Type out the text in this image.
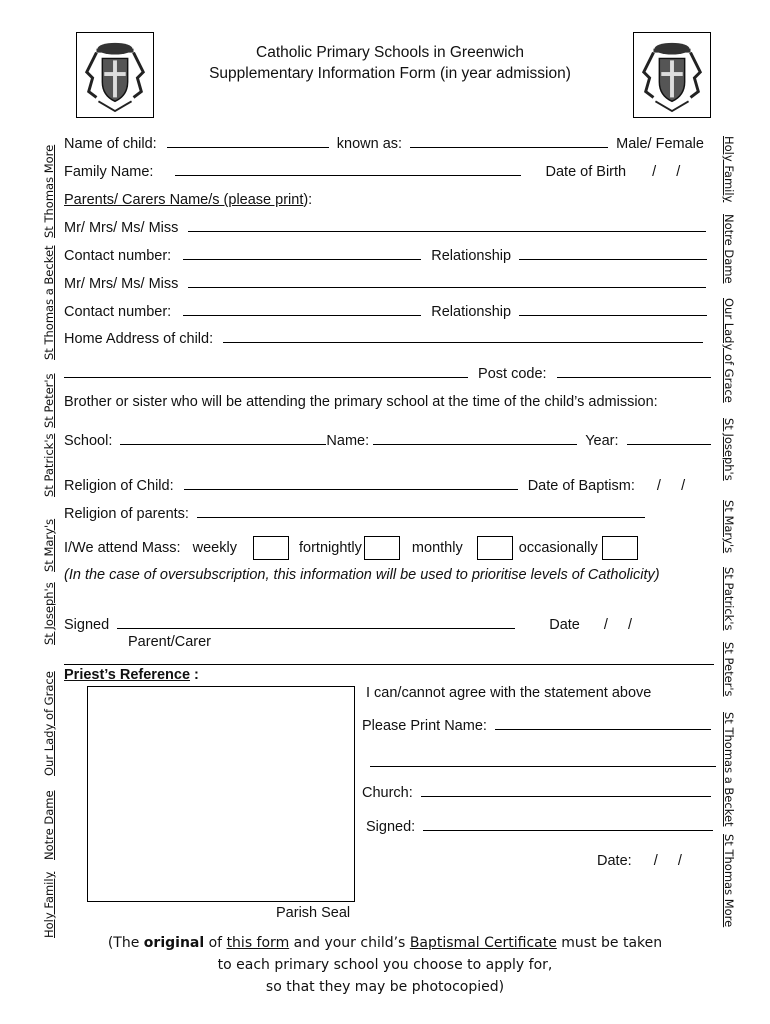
Catholic Primary Schools in Greenwich
Supplementary Information Form (in year admission)
St Thomas More
St Thomas a Becket
St Peter's
St Patrick's
St Mary's
St Joseph's
Our Lady of Grace
Notre Dame
Holy Family
Holy Family
Notre Dame
Our Lady of Grace
St Joseph's
St Mary's
St Patrick's
St Peter's
St Thomas a Becket
St Thomas More
Name of child:	known as:	Male/ Female
Family Name:	Date of Birth /     /
Parents/ Carers Name/s (please print):
Mr/ Mrs/ Ms/ Miss
Contact number:	Relationship
Mr/ Mrs/ Ms/ Miss
Contact number:	Relationship
Home Address of child:
Post code:
Brother or sister who will be attending the primary school at the time of the child’s admission:
School:	Name:	Year:
Religion of Child:	Date of Baptism: /     /
Religion of parents:
I/We attend Mass: weekly	fortnightly	monthly	occasionally
(In the case of oversubscription, this information will be used to prioritise levels of Catholicity)
Signed	Date /     /
Parent/Carer
Priest’s Reference :
Parish Seal
I can/cannot agree with the statement above
Please Print Name:
Church:
Signed:
Date: /     /
(The original of this form and your child’s Baptismal Certificate must be taken
to each primary school you choose to apply for,
so that they may be photocopied)
